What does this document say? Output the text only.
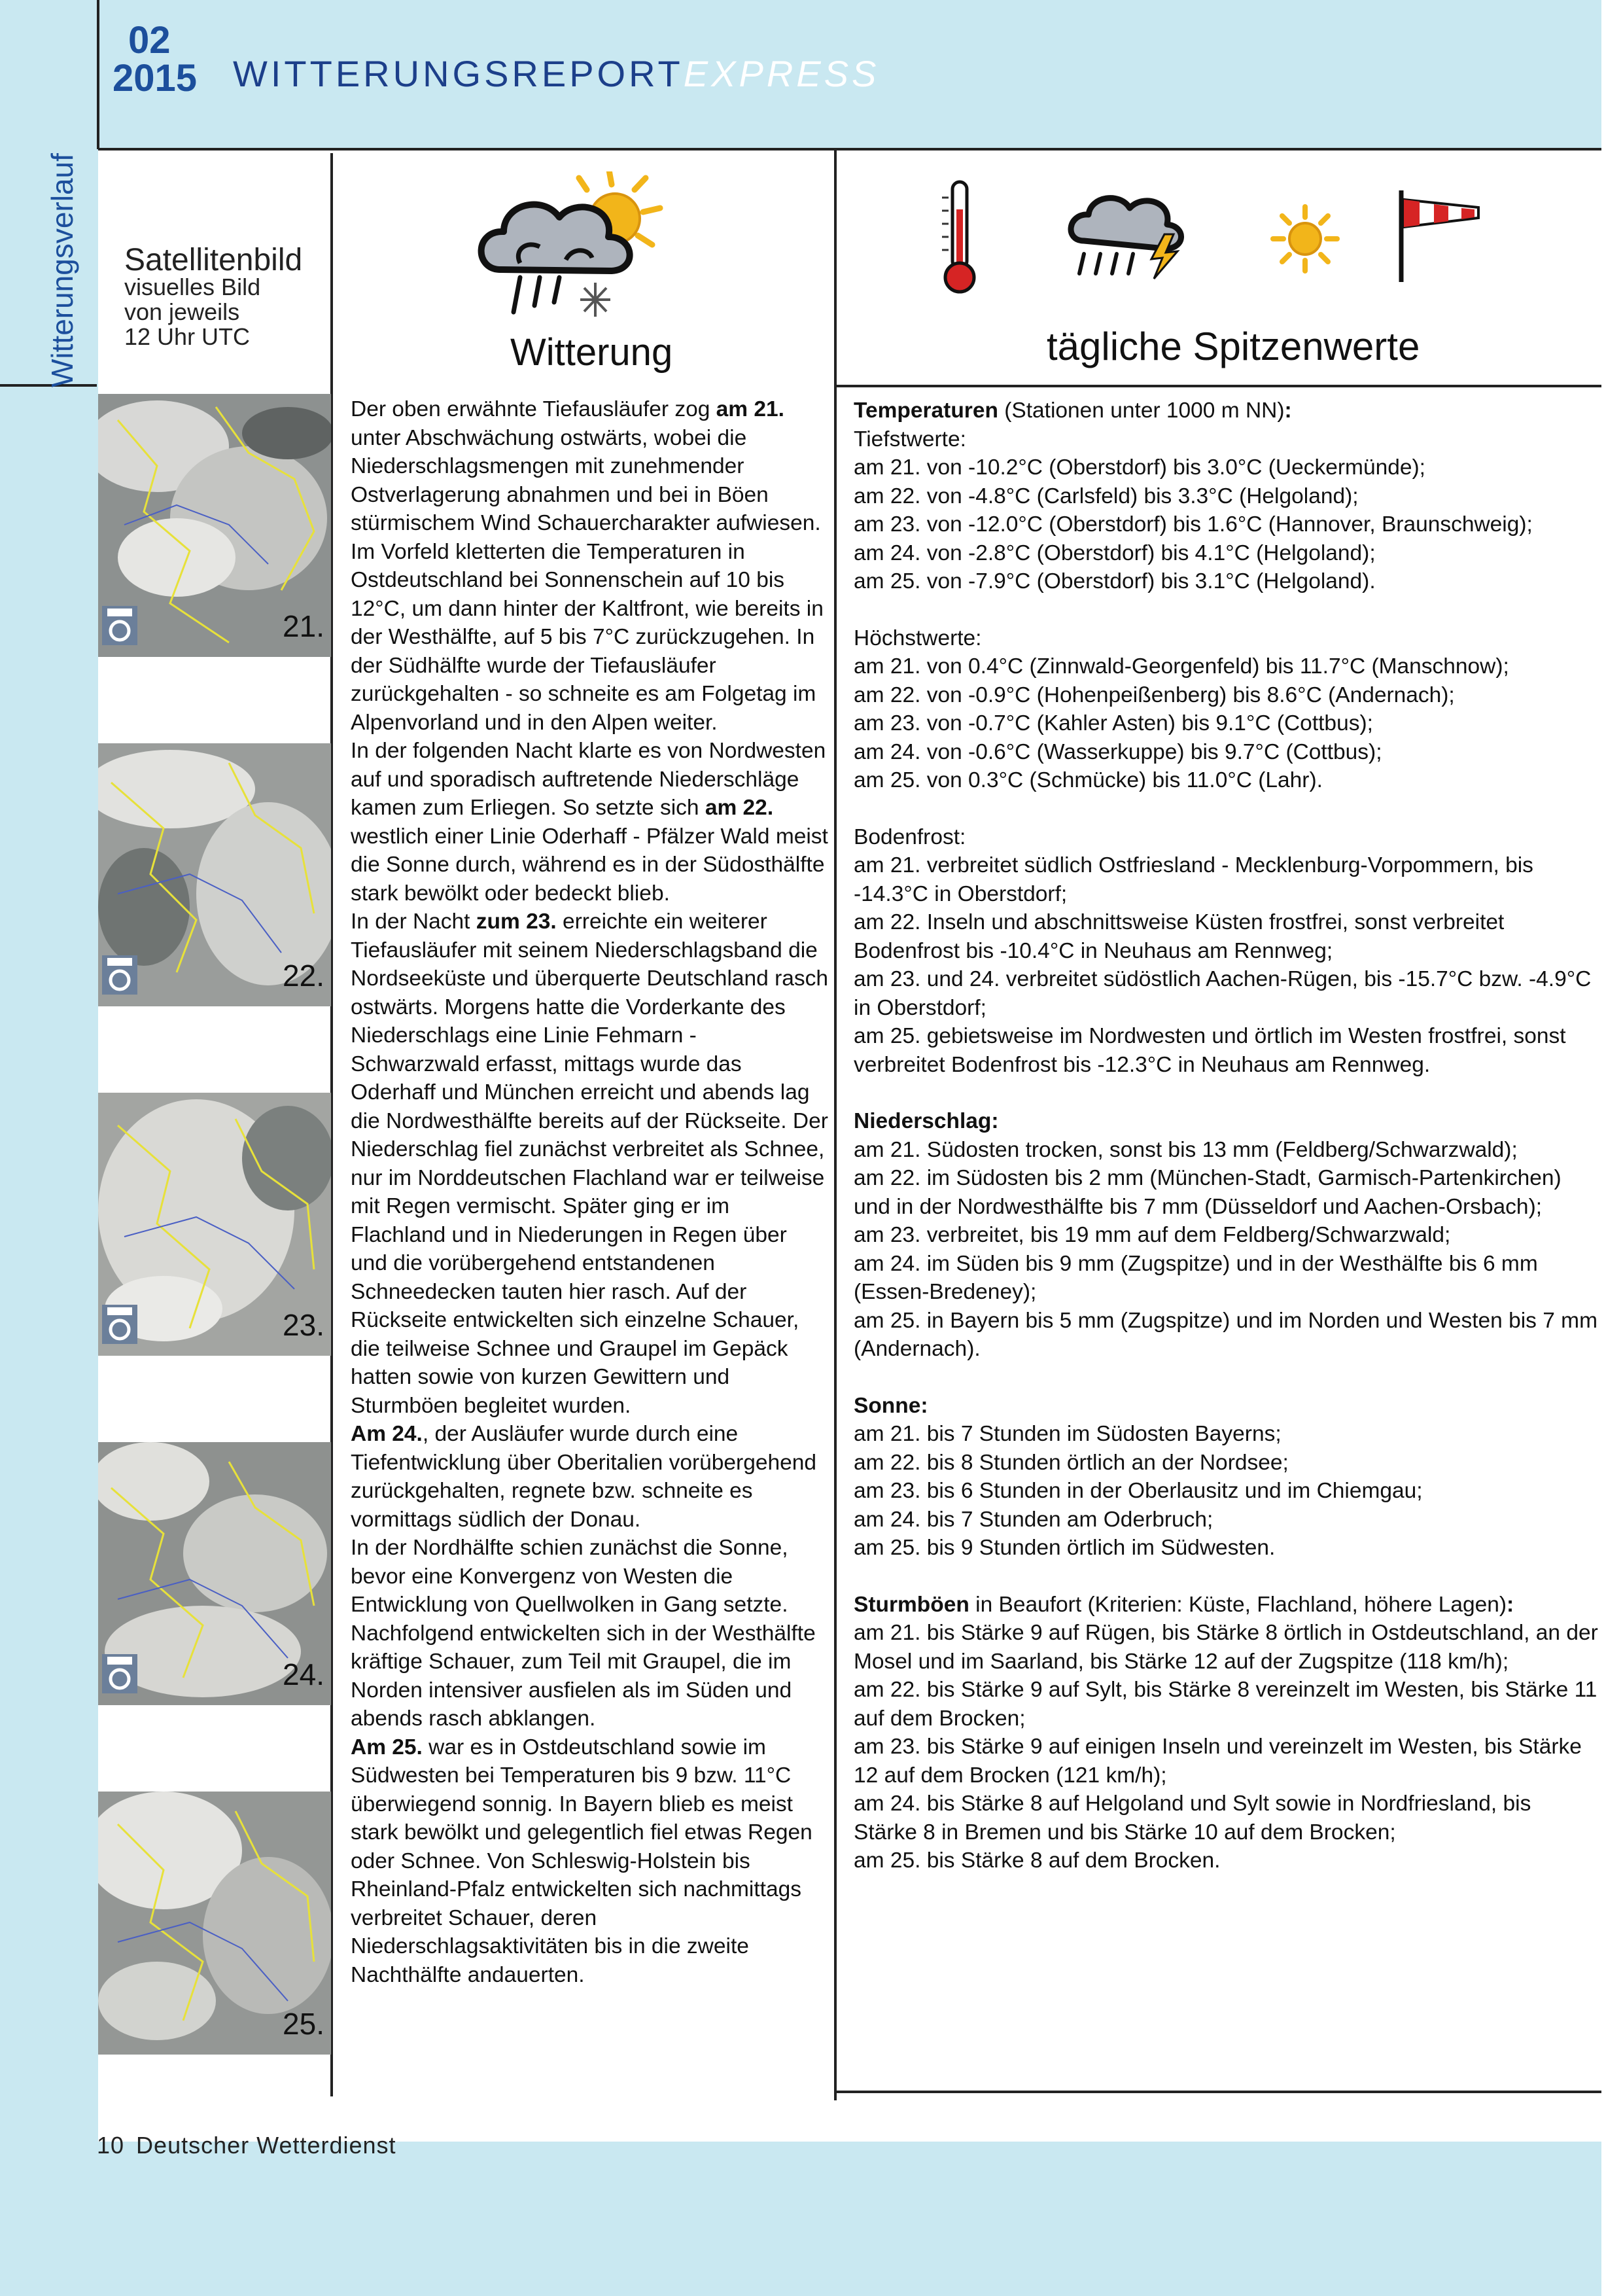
02
2015 WITTERUNGSREPORTEXPRESS
Witterungsverlauf Satellitenbild
visuelles Bild
von jeweils
12 Uhr UTC	Witterung	tägliche Spitzenwerte
21.
22.
23.
24.
25.

Der oben erwähnte Tiefausläufer zog am 21. unter Abschwächung ostwärts, wobei die Niederschlagsmengen mit zunehmender Ostverlagerung abnahmen und bei in Böen stürmischem Wind Schauercharakter aufwiesen. Im Vorfeld kletterten die Temperaturen in Ostdeutschland bei Sonnenschein auf 10 bis 12°C, um dann hinter der Kaltfront, wie bereits in der Westhälfte, auf 5 bis 7°C zurückzugehen. In der Südhälfte wurde der Tiefausläufer zurückgehalten - so schneite es am Folgetag im Alpenvorland und in den Alpen weiter.

In der folgenden Nacht klarte es von Nordwesten auf und sporadisch auftretende Niederschläge kamen zum Erliegen. So setzte sich am 22. westlich einer Linie Oderhaff - Pfälzer Wald meist die Sonne durch, während es in der Südosthälfte stark bewölkt oder bedeckt blieb.

In der Nacht zum 23. erreichte ein weiterer Tiefausläufer mit seinem Niederschlagsband die Nordseeküste und überquerte Deutschland rasch ostwärts. Morgens hatte die Vorderkante des Niederschlags eine Linie Fehmarn - Schwarzwald erfasst, mittags wurde das Oderhaff und München erreicht und abends lag die Nordwesthälfte bereits auf der Rückseite. Der Niederschlag fiel zunächst verbreitet als Schnee, nur im Norddeutschen Flachland war er teilweise mit Regen vermischt. Später ging er im Flachland und in Niederungen in Regen über und die vorübergehend entstandenen Schneedecken tauten hier rasch. Auf der Rückseite entwickelten sich einzelne Schauer, die teilweise Schnee und Graupel im Gepäck hatten sowie von kurzen Gewittern und Sturmböen begleitet wurden.

Am 24., der Ausläufer wurde durch eine Tiefentwicklung über Oberitalien vorübergehend zurückgehalten, regnete bzw. schneite es vormittags südlich der Donau.

In der Nordhälfte schien zunächst die Sonne, bevor eine Konvergenz von Westen die Entwicklung von Quellwolken in Gang setzte. Nachfolgend entwickelten sich in der Westhälfte kräftige Schauer, zum Teil mit Graupel, die im Norden intensiver ausfielen als im Süden und abends rasch abklangen.

Am 25. war es in Ostdeutschland sowie im Südwesten bei Temperaturen bis 9 bzw. 11°C überwiegend sonnig. In Bayern blieb es meist stark bewölkt und gelegentlich fiel etwas Regen oder Schnee. Von Schleswig-Holstein bis Rheinland-Pfalz entwickelten sich nachmittags verbreitet Schauer, deren Niederschlagsaktivitäten bis in die zweite Nachthälfte andauerten.

Temperaturen (Stationen unter 1000 m NN):
Tiefstwerte:
am 21. von -10.2°C (Oberstdorf) bis 3.0°C (Ueckermünde);
am 22. von -4.8°C (Carlsfeld) bis 3.3°C (Helgoland);
am 23. von -12.0°C (Oberstdorf) bis 1.6°C (Hannover, Braunschweig);
am 24. von -2.8°C (Oberstdorf) bis 4.1°C (Helgoland);
am 25. von -7.9°C (Oberstdorf) bis 3.1°C (Helgoland).
Höchstwerte:
am 21. von 0.4°C (Zinnwald-Georgenfeld) bis 11.7°C (Manschnow);
am 22. von -0.9°C (Hohenpeißenberg) bis 8.6°C (Andernach);
am 23. von -0.7°C (Kahler Asten) bis 9.1°C (Cottbus);
am 24. von -0.6°C (Wasserkuppe) bis 9.7°C (Cottbus);
am 25. von 0.3°C (Schmücke) bis 11.0°C (Lahr).
Bodenfrost:
am 21. verbreitet südlich Ostfriesland - Mecklenburg-Vorpommern, bis -14.3°C in Oberstdorf;
am 22. Inseln und abschnittsweise Küsten frostfrei, sonst verbreitet Bodenfrost bis -10.4°C in Neuhaus am Rennweg;
am 23. und 24. verbreitet südöstlich Aachen-Rügen, bis -15.7°C bzw. -4.9°C in Oberstdorf;
am 25. gebietsweise im Nordwesten und örtlich im Westen frostfrei, sonst verbreitet Bodenfrost bis -12.3°C in Neuhaus am Rennweg.
Niederschlag:
am 21. Südosten trocken, sonst bis 13 mm (Feldberg/Schwarzwald);
am 22. im Südosten bis 2 mm (München-Stadt, Garmisch-Partenkirchen) und in der Nordwesthälfte bis 7 mm (Düsseldorf und Aachen-Orsbach);
am 23. verbreitet, bis 19 mm auf dem Feldberg/Schwarzwald;
am 24. im Süden bis 9 mm (Zugspitze) und in der Westhälfte bis 6 mm (Essen-Bredeney);
am 25. in Bayern bis 5 mm (Zugspitze) und im Norden und Westen bis 7 mm (Andernach).
Sonne:
am 21. bis 7 Stunden im Südosten Bayerns;
am 22. bis 8 Stunden örtlich an der Nordsee;
am 23. bis 6 Stunden in der Oberlausitz und im Chiemgau;
am 24. bis 7 Stunden am Oderbruch;
am 25. bis 9 Stunden örtlich im Südwesten.
Sturmböen in Beaufort (Kriterien: Küste, Flachland, höhere Lagen):
am 21. bis Stärke 9 auf Rügen, bis Stärke 8 örtlich in Ostdeutschland, an der Mosel und im Saarland, bis Stärke 12 auf der Zugspitze (118 km/h);
am 22. bis Stärke 9 auf Sylt, bis Stärke 8 vereinzelt im Westen, bis Stärke 11 auf dem Brocken;
am 23. bis Stärke 9 auf einigen Inseln und vereinzelt im Westen, bis Stärke 12 auf dem Brocken (121 km/h);
am 24. bis Stärke 8 auf Helgoland und Sylt sowie in Nordfriesland, bis Stärke 8 in Bremen und bis Stärke 10 auf dem Brocken;
am 25. bis Stärke 8 auf dem Brocken.
10 Deutscher Wetterdienst
